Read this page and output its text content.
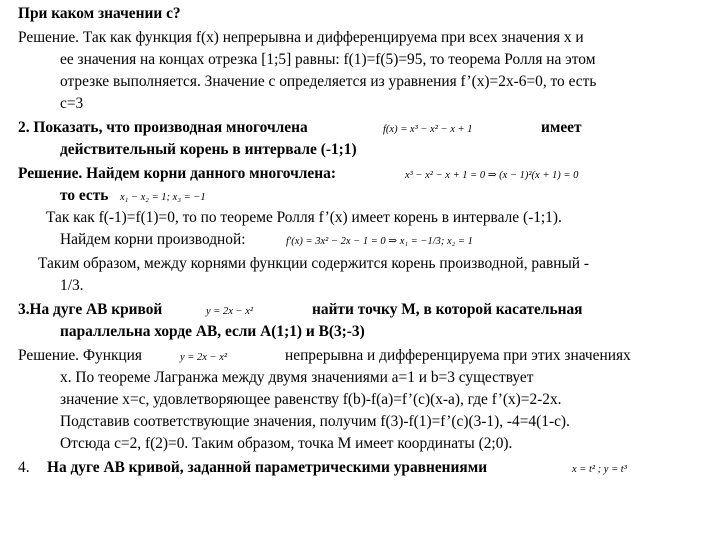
При каком значении с?
Решение. Так как функция f(x) непрерывна и дифференцируема при всех значения x и
ее значения на концах отрезка [1;5] равны: f(1)=f(5)=95, то теорема Ролля на этом
отрезке выполняется. Значение с определяется из уравнения f’(x)=2x-6=0, то есть
c=3
2. Показать, что производная многочлена	f(x) = x³ − x² − x + 1	имеет
действительный корень в интервале (-1;1)
Решение. Найдем корни данного многочлена:	x³ − x² − x + 1 = 0 ⇒ (x − 1)²(x + 1) = 0
то есть x₁ − x₂ = 1; x₃ = −1
Так как f(-1)=f(1)=0, то по теореме Ролля f’(x) имеет корень в интервале (-1;1).
Найдем корни производной:	f′(x) = 3x² − 2x − 1 = 0 ⇒ x₁ = −1/3; x₂ = 1
Таким образом, между корнями функции содержится корень производной, равный -
1/3.
3.На дуге AB кривой	y = 2x − x²	найти точку М, в которой касательная
параллельна хорде AB, если A(1;1) и B(3;-3)
Решение. Функция	y = 2x − x²	непрерывна и дифференцируема при этих значениях
x. По теореме Лагранжа между двумя значениями a=1 и b=3 существует
значение x=c, удовлетворяющее равенству f(b)-f(a)=f’(c)(x-a), где f’(x)=2-2x.
Подставив соответствующие значения, получим f(3)-f(1)=f’(c)(3-1), -4=4(1-c).
Отсюда c=2, f(2)=0. Таким образом, точка M имеет координаты (2;0).
4. На дуге AB кривой, заданной параметрическими уравнениями	x = t² ; y = t³
